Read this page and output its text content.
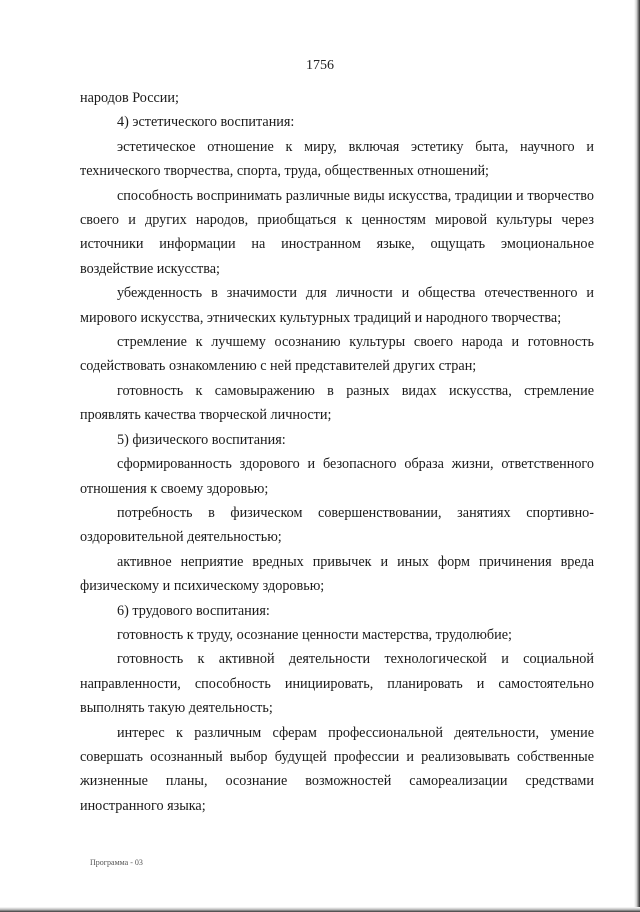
1756

народов России;

4) эстетического воспитания:

эстетическое отношение к миру, включая эстетику быта, научного и технического творчества, спорта, труда, общественных отношений;

способность воспринимать различные виды искусства, традиции и творчество своего и других народов, приобщаться к ценностям мировой культуры через источники информации на иностранном языке, ощущать эмоциональное воздействие искусства;

убежденность в значимости для личности и общества отечественного и мирового искусства, этнических культурных традиций и народного творчества;

стремление к лучшему осознанию культуры своего народа и готовность содействовать ознакомлению с ней представителей других стран;

готовность к самовыражению в разных видах искусства, стремление проявлять качества творческой личности;

5) физического воспитания:

сформированность здорового и безопасного образа жизни, ответственного отношения к своему здоровью;

потребность в физическом совершенствовании, занятиях спортивно-оздоровительной деятельностью;

активное неприятие вредных привычек и иных форм причинения вреда физическому и психическому здоровью;

6) трудового воспитания:

готовность к труду, осознание ценности мастерства, трудолюбие;

готовность к активной деятельности технологической и социальной направленности, способность инициировать, планировать и самостоятельно выполнять такую деятельность;

интерес к различным сферам профессиональной деятельности, умение совершать осознанный выбор будущей профессии и реализовывать собственные жизненные планы, осознание возможностей самореализации средствами иностранного языка;

Программа - 03
